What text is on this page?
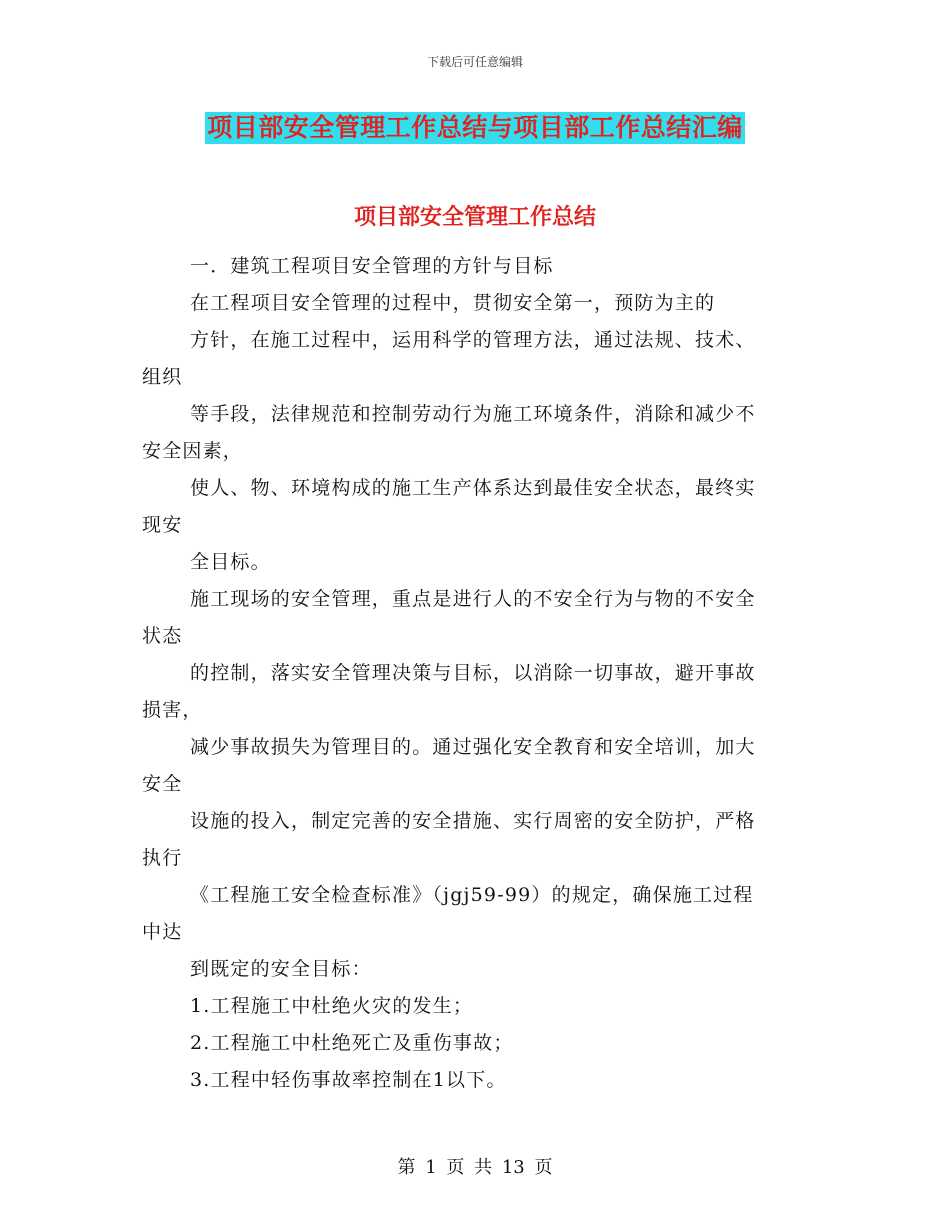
下载后可任意编辑
项目部安全管理工作总结与项目部工作总结汇编
项目部安全管理工作总结
一．建筑工程项目安全管理的方针与目标
在工程项目安全管理的过程中，贯彻安全第一，预防为主的
方针，在施工过程中，运用科学的管理方法，通过法规、技术、
组织
等手段，法律规范和控制劳动行为施工环境条件，消除和减少不
安全因素，
使人、物、环境构成的施工生产体系达到最佳安全状态，最终实
现安
全目标。
施工现场的安全管理，重点是进行人的不安全行为与物的不安全
状态
的控制，落实安全管理决策与目标，以消除一切事故，避开事故
损害，
减少事故损失为管理目的。通过强化安全教育和安全培训，加大
安全
设施的投入，制定完善的安全措施、实行周密的安全防护，严格
执行
《工程施工安全检查标准》（jgj59-99）的规定，确保施工过程
中达
到既定的安全目标：
1.工程施工中杜绝火灾的发生；
2.工程施工中杜绝死亡及重伤事故；
3.工程中轻伤事故率控制在1以下。
第 1 页 共 13 页
